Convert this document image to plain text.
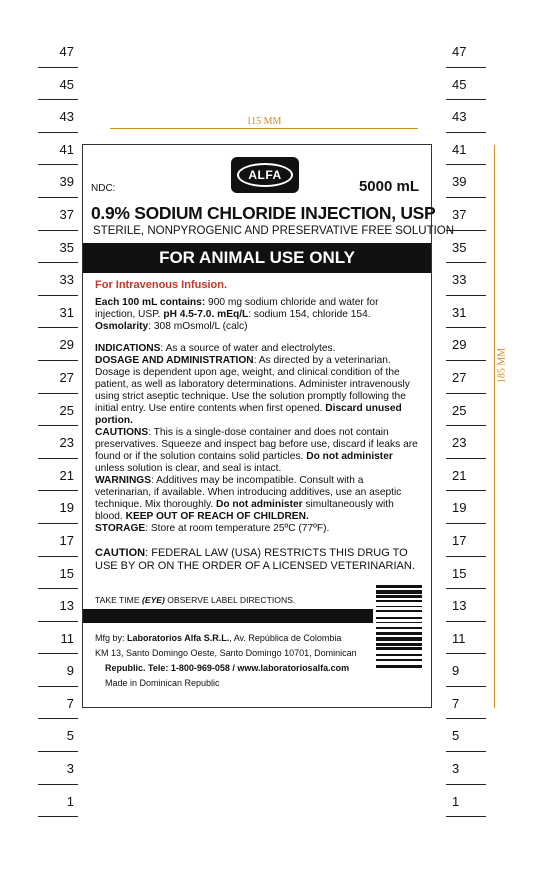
47
45
43
41
39
37
35
33
31
29
27
25
23
21
19
17
15
13
11
9
7
5
3
1
47
45
43
41
39
37
35
33
31
29
27
25
23
21
19
17
15
13
11
9
7
5
3
1
115 MM
185 MM
ALFA
NDC:	5000 mL
0.9% SODIUM CHLORIDE INJECTION, USP
STERILE, NONPYROGENIC AND PRESERVATIVE FREE SOLUTION
FOR ANIMAL USE ONLY
For Intravenous Infusion.

Each 100 mL contains: 900 mg sodium chloride and water for injection, USP. pH 4.5-7.0. mEq/L: sodium 154, chloride 154.
Osmolarity: 308 mOsmol/L (calc)

INDICATIONS: As a source of water and electrolytes.

DOSAGE AND ADMINISTRATION: As directed by a veterinarian. Dosage is dependent upon age, weight, and clinical condition of the patient, as well as laboratory determinations. Administer intravenously using strict aseptic technique. Use the solution promptly following the initial entry. Use entire contents when first opened. Discard unused portion.

CAUTIONS: This is a single-dose container and does not contain preservatives. Squeeze and inspect bag before use, discard if leaks are found or if the solution contains solid particles. Do not administer unless solution is clear, and seal is intact.

WARNINGS: Additives may be incompatible. Consult with a veterinarian, if available. When introducing additives, use an aseptic technique. Mix thoroughly. Do not administer simultaneously with blood. KEEP OUT OF REACH OF CHILDREN.

STORAGE: Store at room temperature 25ºC (77ºF).

CAUTION: FEDERAL LAW (USA) RESTRICTS THIS DRUG TO USE BY OR ON THE ORDER OF A LICENSED VETERINARIAN.
TAKE TIME (EYE) OBSERVE LABEL DIRECTIONS.
Mfg by: Laboratorios Alfa S.R.L., Av. República de Colombia
KM 13, Santo Domingo Oeste, Santo Domingo 10701, Dominican
Republic. Tele: 1-800-969-058 / www.laboratoriosalfa.com
Made in Dominican Republic
